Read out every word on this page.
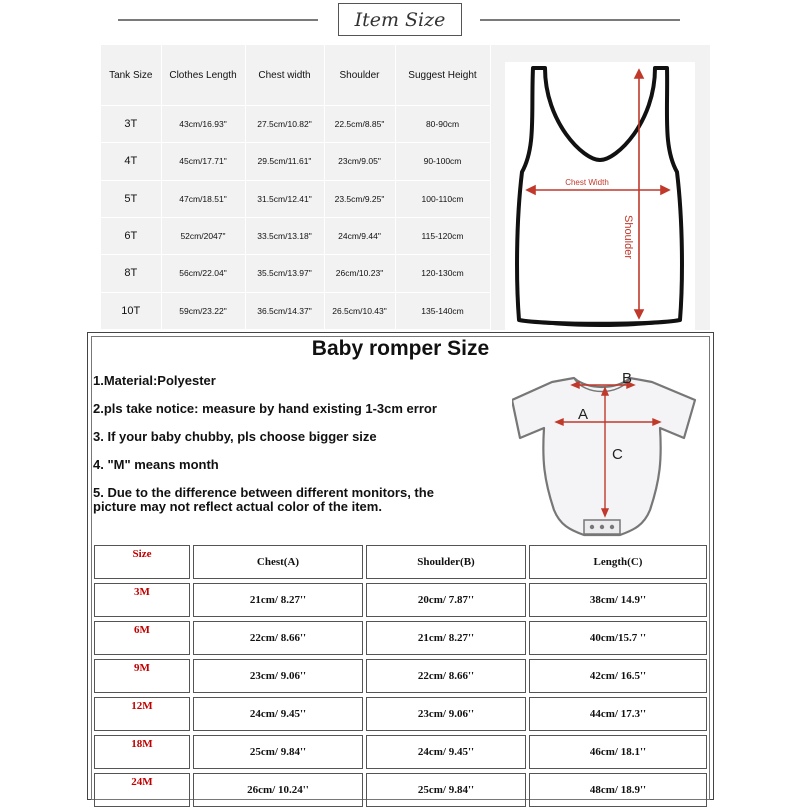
Item Size
Tank Size	Clothes Length	Chest width	Shoulder	Suggest Height
3T	43cm/16.93"	27.5cm/10.82"	22.5cm/8.85"	80-90cm
4T	45cm/17.71"	29.5cm/11.61"	23cm/9.05"	90-100cm
5T	47cm/18.51"	31.5cm/12.41"	23.5cm/9.25"	100-110cm
6T	52cm/2047"	33.5cm/13.18"	24cm/9.44"	115-120cm
8T	56cm/22.04"	35.5cm/13.97"	26cm/10.23"	120-130cm
10T	59cm/23.22"	36.5cm/14.37"	26.5cm/10.43"	135-140cm
Chest Width
Shoulder
Baby romper Size
1.Material:Polyester
2.pls take notice: measure by hand existing 1-3cm error
3. If your baby chubby, pls choose bigger size
4. "M" means month
5. Due to the difference between different monitors, the
picture may not reflect actual color of the item.
B
A
C
Size	Chest(A)	Shoulder(B)	Length(C)
3M	21cm/ 8.27''	20cm/ 7.87''	38cm/ 14.9''
6M	22cm/ 8.66''	21cm/ 8.27''	40cm/15.7 ''
9M	23cm/ 9.06''	22cm/ 8.66''	42cm/ 16.5''
12M	24cm/ 9.45''	23cm/ 9.06''	44cm/ 17.3''
18M	25cm/ 9.84''	24cm/ 9.45''	46cm/ 18.1''
24M	26cm/ 10.24''	25cm/ 9.84''	48cm/ 18.9''
